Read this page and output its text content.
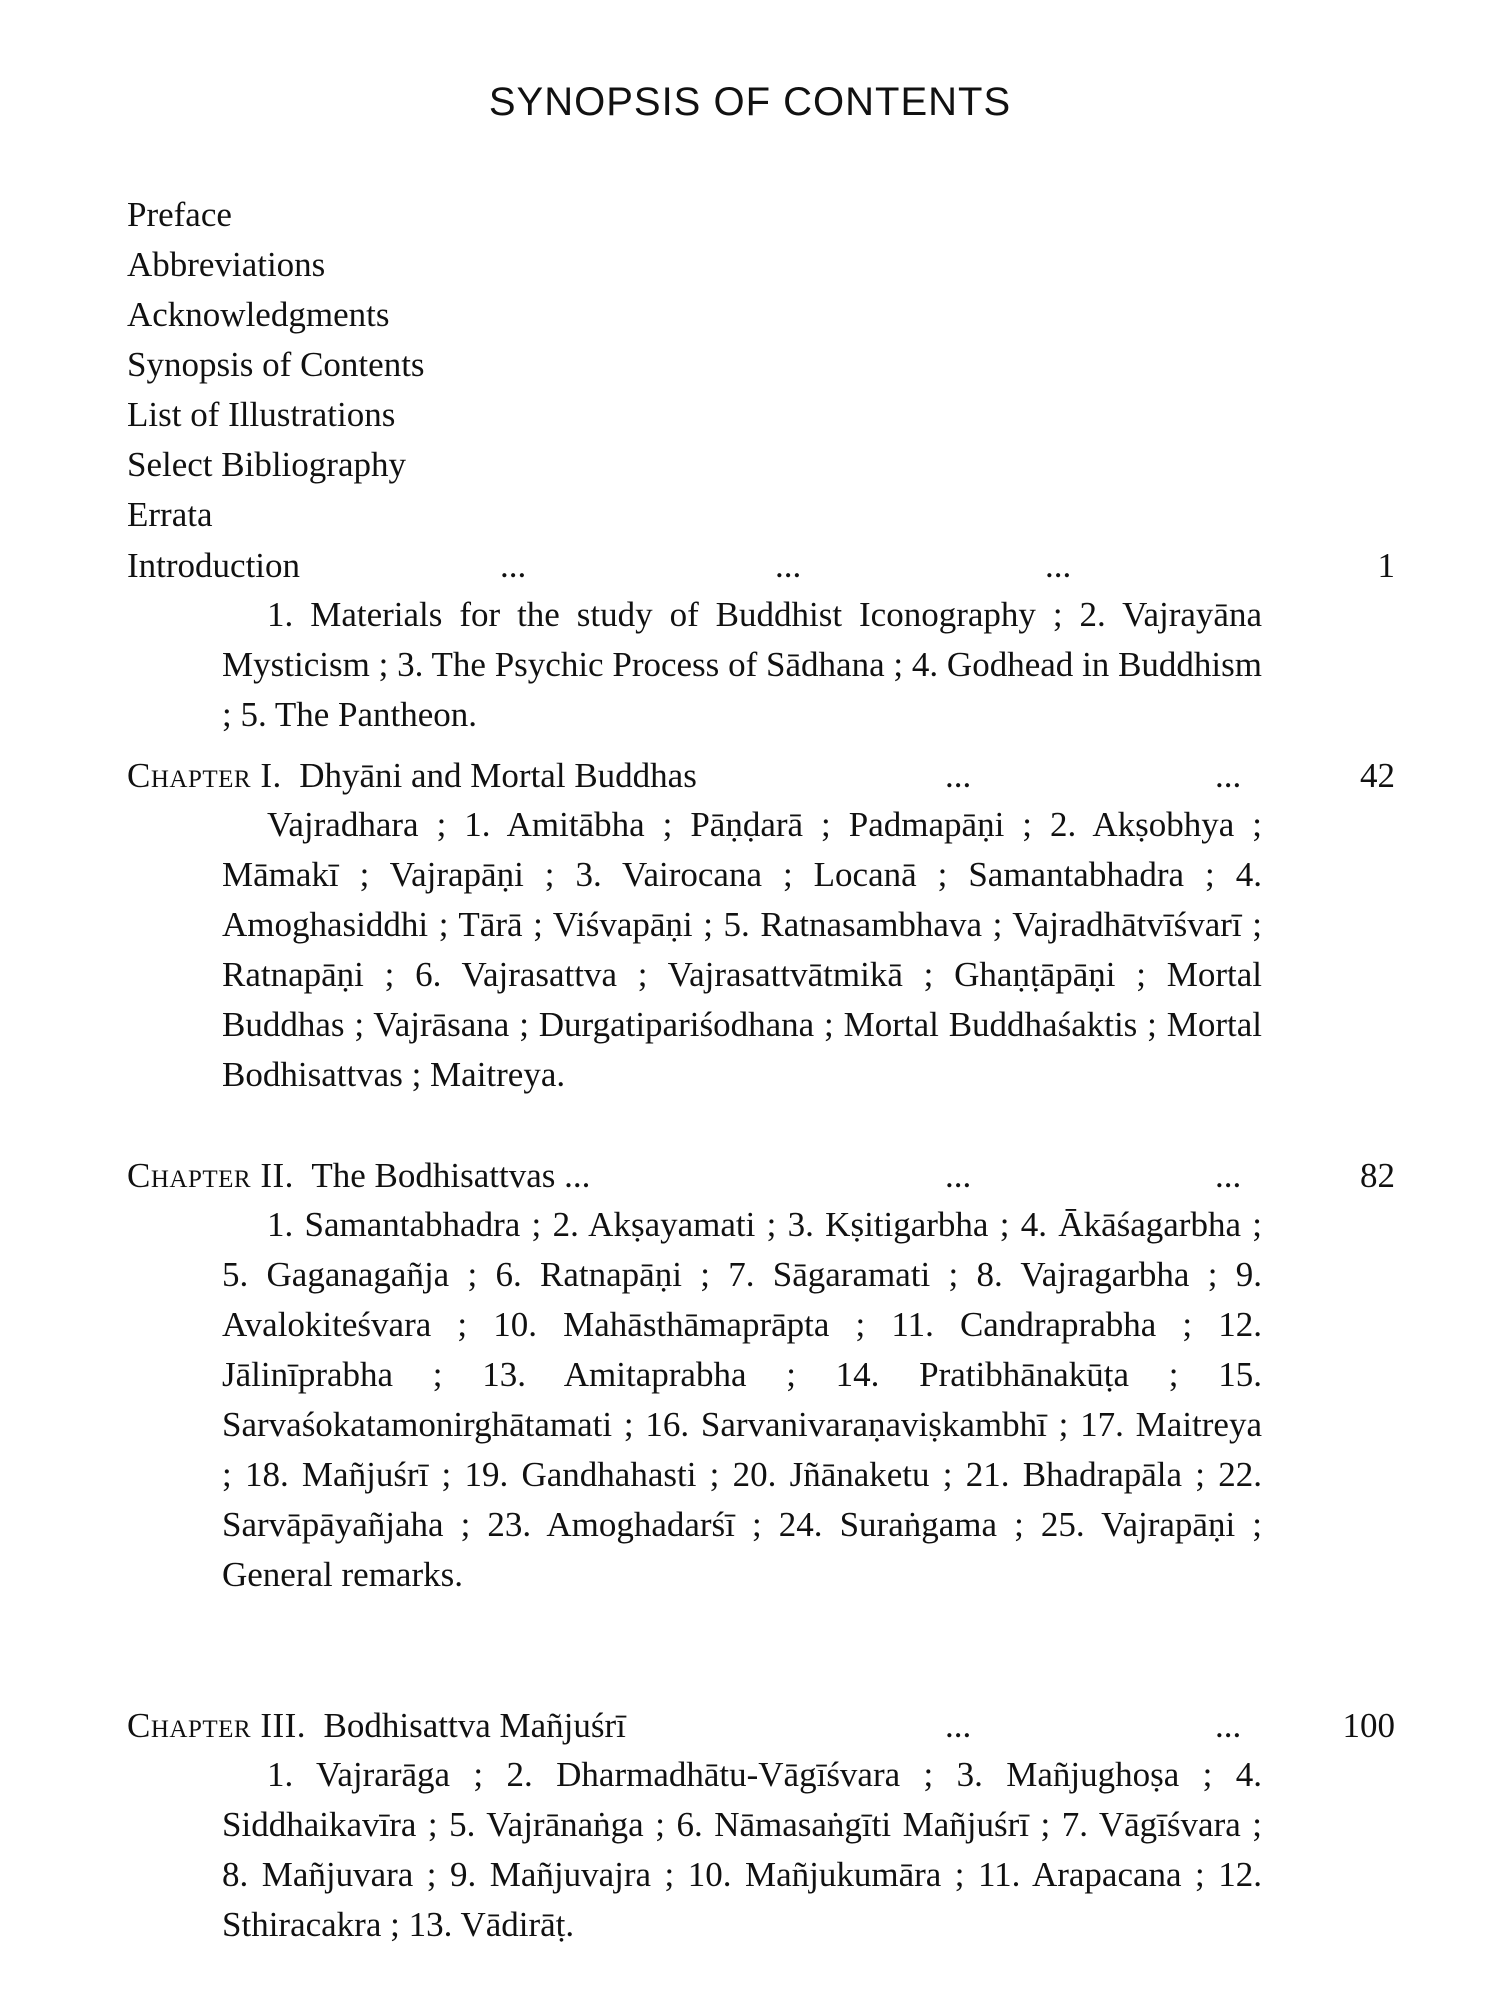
SYNOPSIS OF CONTENTS
Preface
Abbreviations
Acknowledgments
Synopsis of Contents
List of Illustrations
Select Bibliography
Errata
Introduction	...	...	...	1

1. Materials for the study of Buddhist Iconography ; 2. Vajrayāna Mysticism ; 3. The Psychic Process of Sādhana ; 4. Godhead in Buddhism ; 5. The Pantheon.

Chapter I. Dhyāni and Mortal Buddhas	...	...	42

Vajradhara ; 1. Amitābha ; Pāṇḍarā ; Padmapāṇi ; 2. Akṣobhya ; Māmakī ; Vajrapāṇi ; 3. Vairocana ; Locanā ; Samantabhadra ; 4. Amoghasiddhi ; Tārā ; Viśvapāṇi ; 5. Ratnasambhava ; Vajradhātvīśvarī ; Ratnapāṇi ; 6. Vajrasattva ; Vajrasattvātmikā ; Ghaṇṭāpāṇi ; Mortal Buddhas ; Vajrāsana ; Durgatipariśodhana ; Mortal Buddhaśaktis ; Mortal Bodhisattvas ; Maitreya.

Chapter II. The Bodhisattvas ...	...	...	82

1. Samantabhadra ; 2. Akṣayamati ; 3. Kṣitigarbha ; 4. Ākāśagarbha ; 5. Gaganagañja ; 6. Ratnapāṇi ; 7. Sāgaramati ; 8. Vajragarbha ; 9. Avalokiteśvara ; 10. Mahāsthāmaprāpta ; 11. Candraprabha ; 12. Jālinīprabha ; 13. Amitaprabha ; 14. Pratibhānakūṭa ; 15. Sarvaśokatamonirghātamati ; 16. Sarvanivaraṇaviṣkambhī ; 17. Maitreya ; 18. Mañjuśrī ; 19. Gandhahasti ; 20. Jñānaketu ; 21. Bhadrapāla ; 22. Sarvāpāyañjaha ; 23. Amoghadarśī ; 24. Suraṅgama ; 25. Vajrapāṇi ; General remarks.

Chapter III. Bodhisattva Mañjuśrī	...	...	100

1. Vajrarāga ; 2. Dharmadhātu-Vāgīśvara ; 3. Mañjughoṣa ; 4. Siddhaikavīra ; 5. Vajrānaṅga ; 6. Nāmasaṅgīti Mañjuśrī ; 7. Vāgīśvara ; 8. Mañjuvara ; 9. Mañjuvajra ; 10. Mañjukumāra ; 11. Arapacana ; 12. Sthiracakra ; 13. Vādirāṭ.
